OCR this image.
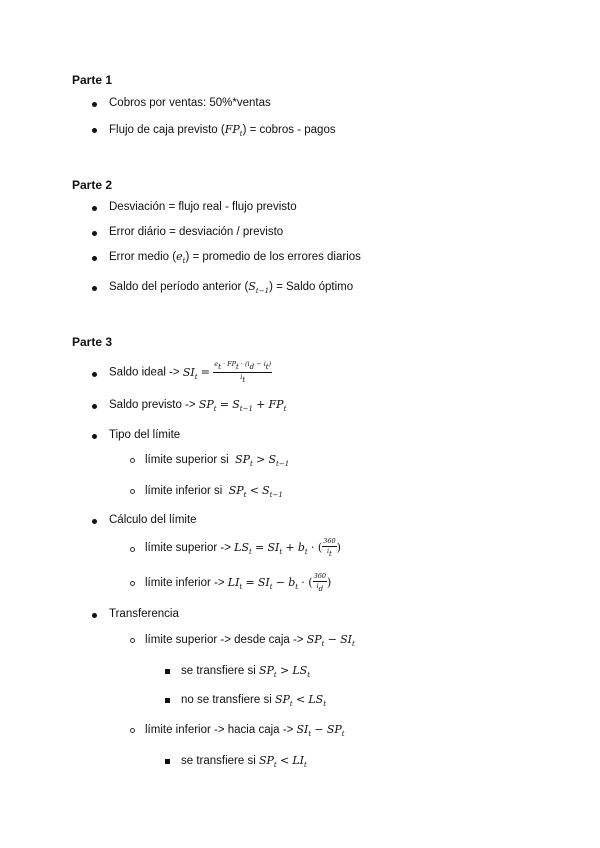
Parte 1
Cobros por ventas: 50%*ventas
Flujo de caja previsto $(FP_t)$ = cobros - pagos
Parte 2
Desviación = flujo real - flujo previsto
Error diário = desviación / previsto
Error medio $(e_t)$ = promedio de los errores diarios
Saldo del período anterior $(S_{t-1})$ = Saldo óptimo
Parte 3
Saldo ideal -> $SI_t = \frac{e_t \cdot FP_t \cdot (i_d - i_t)}{i_t}$
Saldo previsto -> $SP_t = S_{t-1} + FP_t$
Tipo del límite
límite superior si $SP_t > S_{t-1}$
límite inferior si $SP_t < S_{t-1}$
Cálculo del límite
límite superior -> $LS_t = SI_t + b_t$ · ( $\frac{360}{i_t}$ )
límite inferior -> $LI_t = SI_t - b_t$ · ( $\frac{360}{i_d}$ )
Transferencia
límite superior -> desde caja -> $SP_t - SI_t$
se transfiere si $SP_t > LS_t$
no se transfiere si $SP_t < LS_t$
límite inferior -> hacia caja -> $SI_t - SP_t$
se transfiere si $SP_t < LI_t$
